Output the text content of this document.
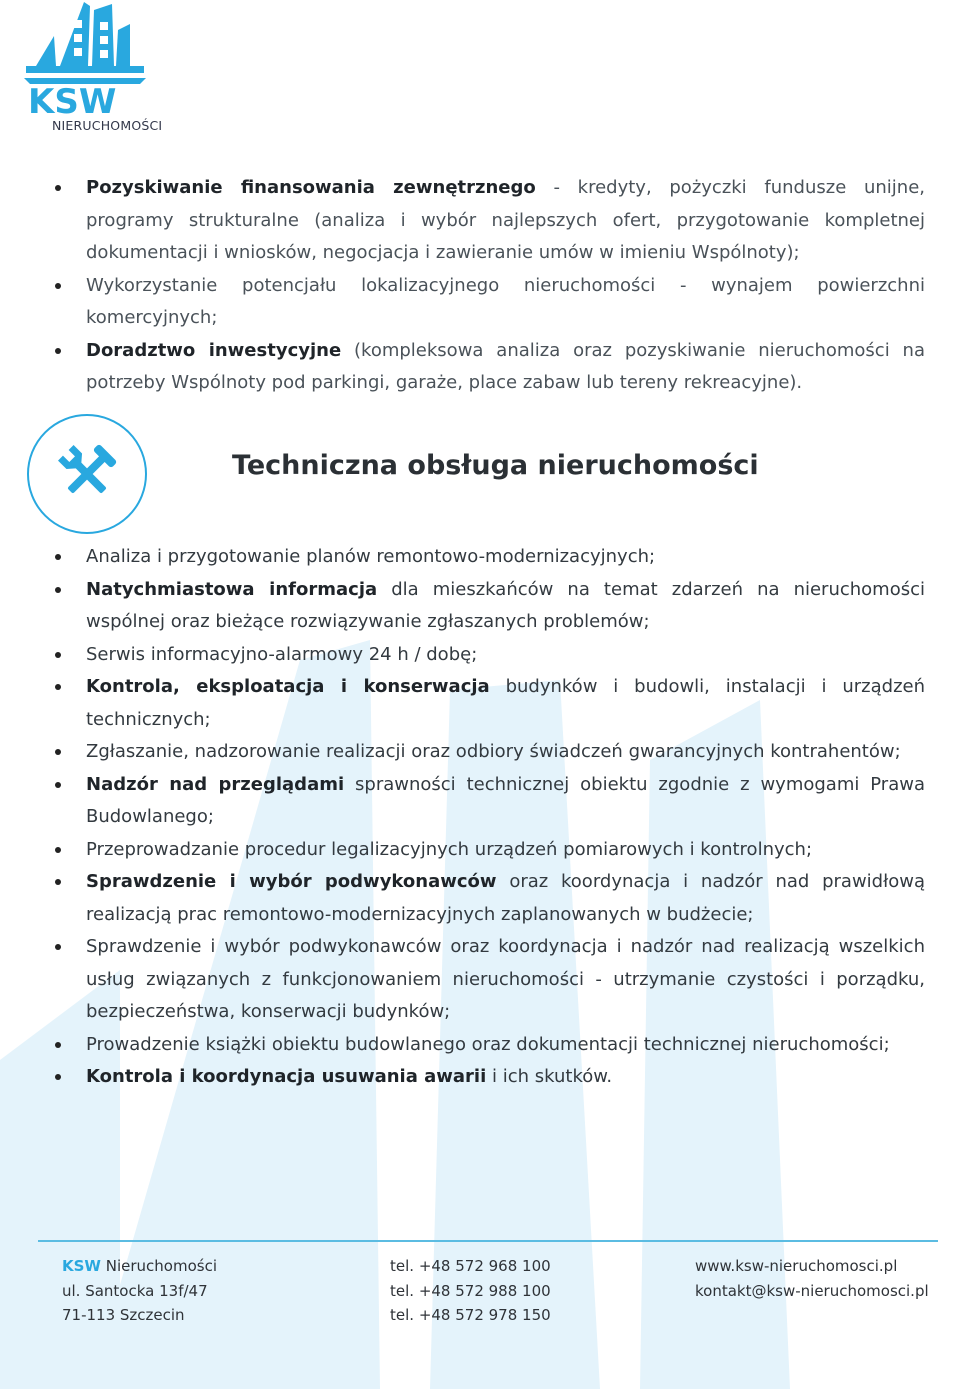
KSW
NIERUCHOMOŚCI
Pozyskiwanie finansowania zewnętrznego - kredyty, pożyczki fundusze unijne, programy strukturalne (analiza i wybór najlepszych ofert, przygotowanie kompletnej dokumentacji i wniosków, negocjacja i zawieranie umów w imieniu Wspólnoty);
Wykorzystanie potencjału lokalizacyjnego nieruchomości - wynajem powierzchni komercyjnych;
Doradztwo inwestycyjne (kompleksowa analiza oraz pozyskiwanie nieruchomości na potrzeby Wspólnoty pod parkingi, garaże, place zabaw lub tereny rekreacyjne).
Techniczna obsługa nieruchomości
Analiza i przygotowanie planów remontowo-modernizacyjnych;
Natychmiastowa informacja dla mieszkańców na temat zdarzeń na nieruchomości wspólnej oraz bieżące rozwiązywanie zgłaszanych problemów;
Serwis informacyjno-alarmowy 24 h / dobę;
Kontrola, eksploatacja i konserwacja budynków i budowli, instalacji i urządzeń technicznych;
Zgłaszanie, nadzorowanie realizacji oraz odbiory świadczeń gwarancyjnych kontrahentów;
Nadzór nad przeglądami sprawności technicznej obiektu zgodnie z wymogami Prawa Budowlanego;
Przeprowadzanie procedur legalizacyjnych urządzeń pomiarowych i kontrolnych;
Sprawdzenie i wybór podwykonawców oraz koordynacja i nadzór nad prawidłową realizacją prac remontowo-modernizacyjnych zaplanowanych w budżecie;
Sprawdzenie i wybór podwykonawców oraz koordynacja i nadzór nad realizacją wszelkich usług związanych z funkcjonowaniem nieruchomości - utrzymanie czystości i porządku, bezpieczeństwa, konserwacji budynków;
Prowadzenie książki obiektu budowlanego oraz dokumentacji technicznej nieruchomości;
Kontrola i koordynacja usuwania awarii i ich skutków.
KSW Nieruchomości
ul. Santocka 13f/47
71-113 Szczecin
tel. +48 572 968 100
tel. +48 572 988 100
tel. +48 572 978 150
www.ksw-nieruchomosci.pl
kontakt@ksw-nieruchomosci.pl
